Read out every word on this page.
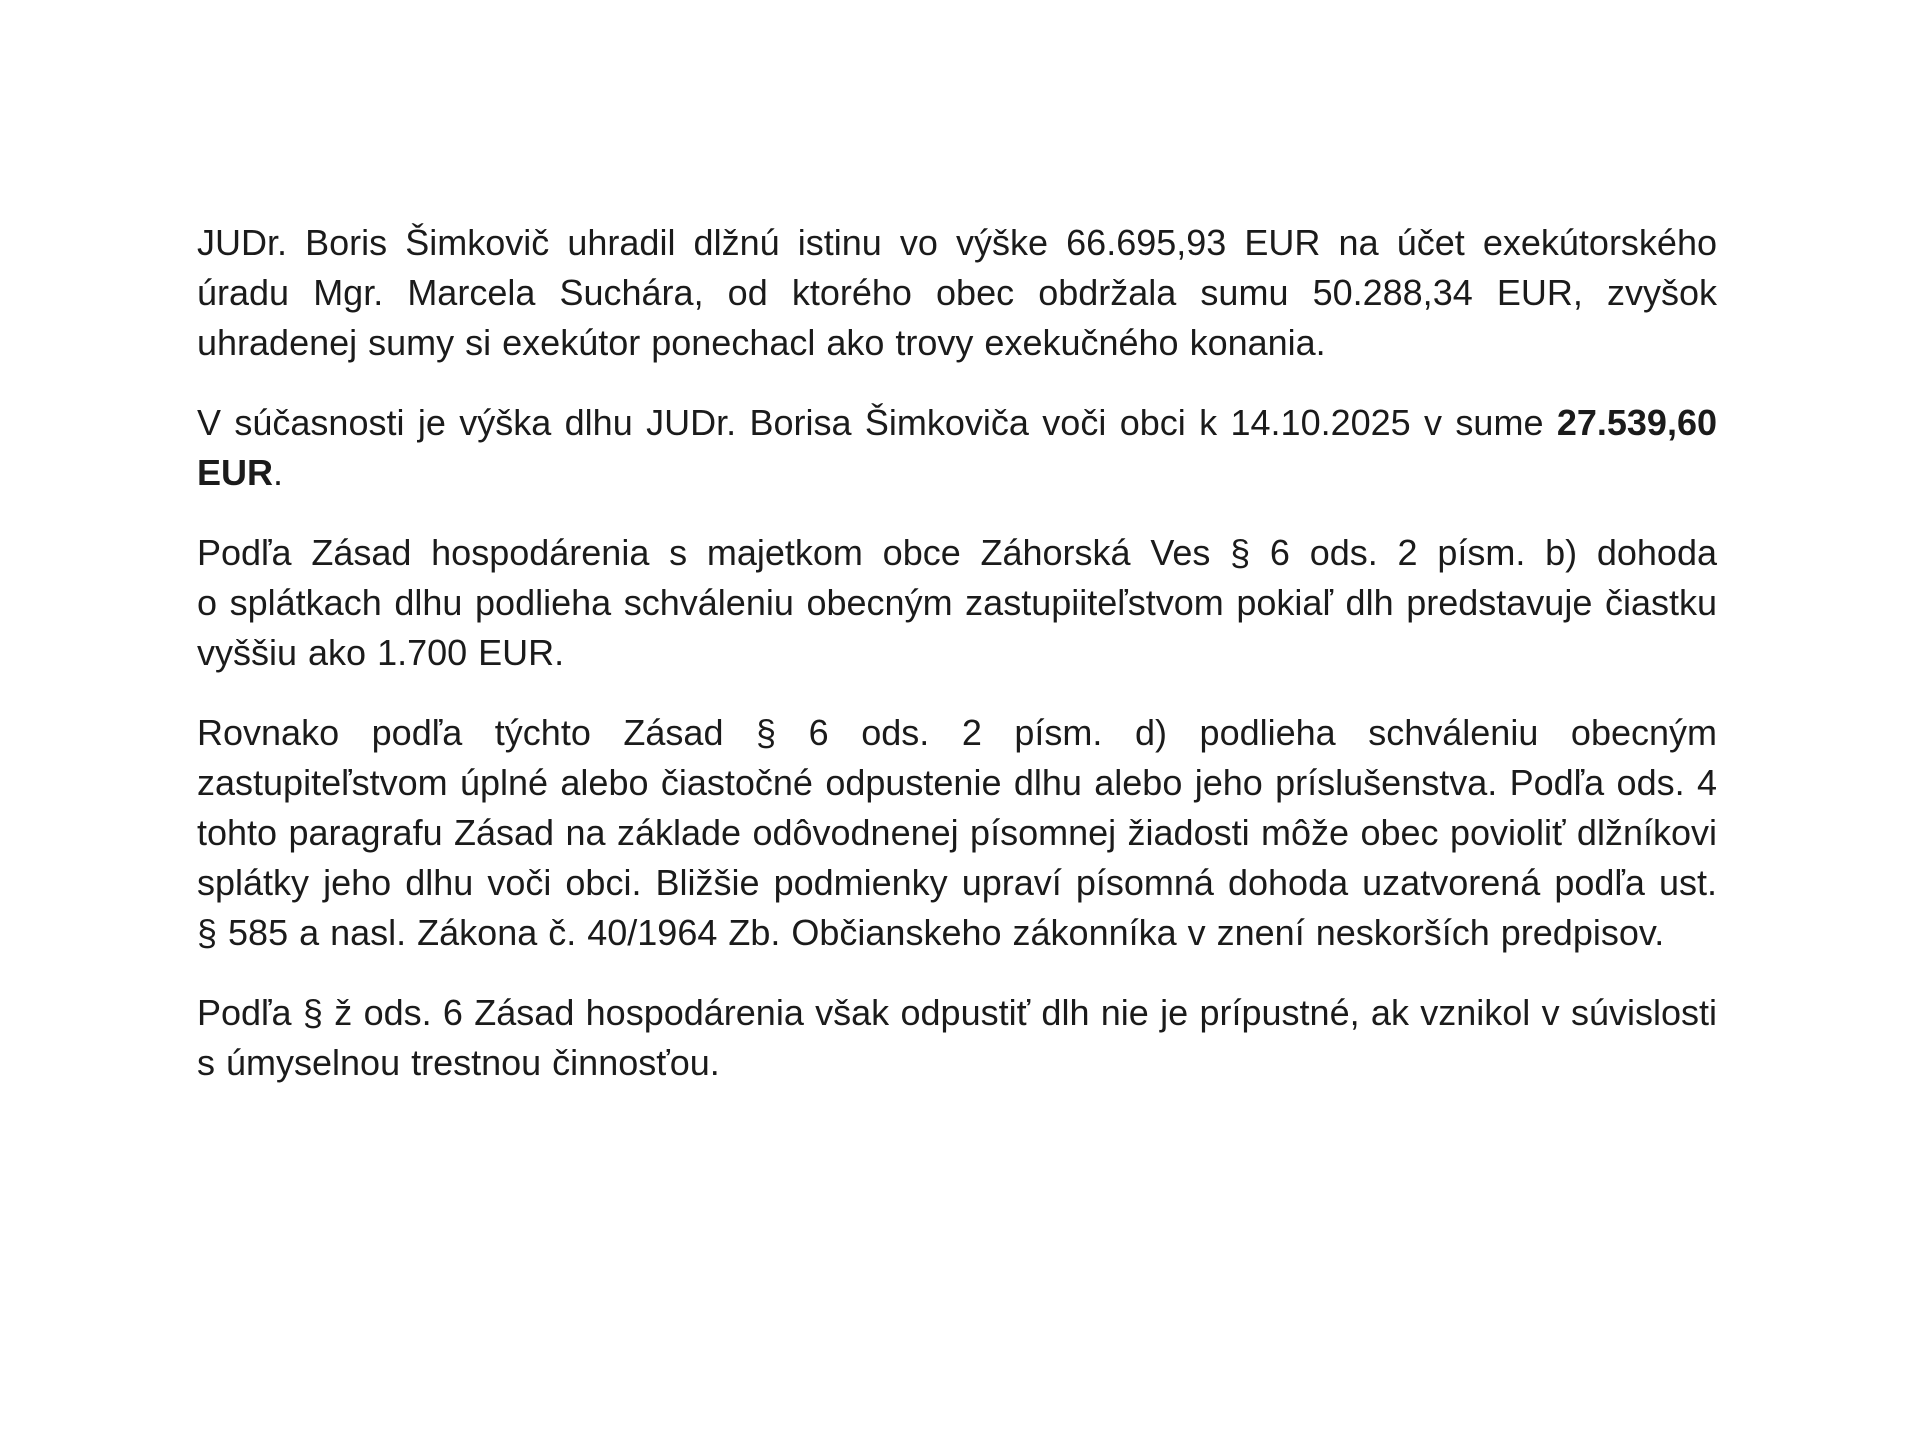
JUDr. Boris Šimkovič uhradil dlžnú istinu vo výške 66.695,93 EUR na účet exekútorského úradu Mgr. Marcela Suchára, od ktorého obec obdržala sumu 50.288,34 EUR, zvyšok uhradenej sumy si exekútor ponechacl ako trovy exekučného konania.

V súčasnosti je výška dlhu JUDr. Borisa Šimkoviča voči obci k 14.10.2025 v sume 27.539,60 EUR.

Podľa Zásad hospodárenia s majetkom obce Záhorská Ves § 6 ods. 2 písm. b) dohoda o splátkach dlhu podlieha schváleniu obecným zastupiiteľstvom pokiaľ dlh predstavuje čiastku vyššiu ako 1.700 EUR.

Rovnako podľa týchto Zásad § 6 ods. 2 písm. d) podlieha schváleniu obecným zastupiteľstvom úplné alebo čiastočné odpustenie dlhu alebo jeho príslušenstva. Podľa ods. 4 tohto paragrafu Zásad na základe odôvodnenej písomnej žiadosti môže obec povioliť dlžníkovi splátky jeho dlhu voči obci. Bližšie podmienky upraví písomná dohoda uzatvorená podľa ust. § 585 a nasl. Zákona č. 40/1964 Zb. Občianskeho zákonníka v znení neskorších predpisov.

Podľa § ž ods. 6 Zásad hospodárenia však odpustiť dlh nie je prípustné, ak vznikol v súvislosti s úmyselnou trestnou činnosťou.
